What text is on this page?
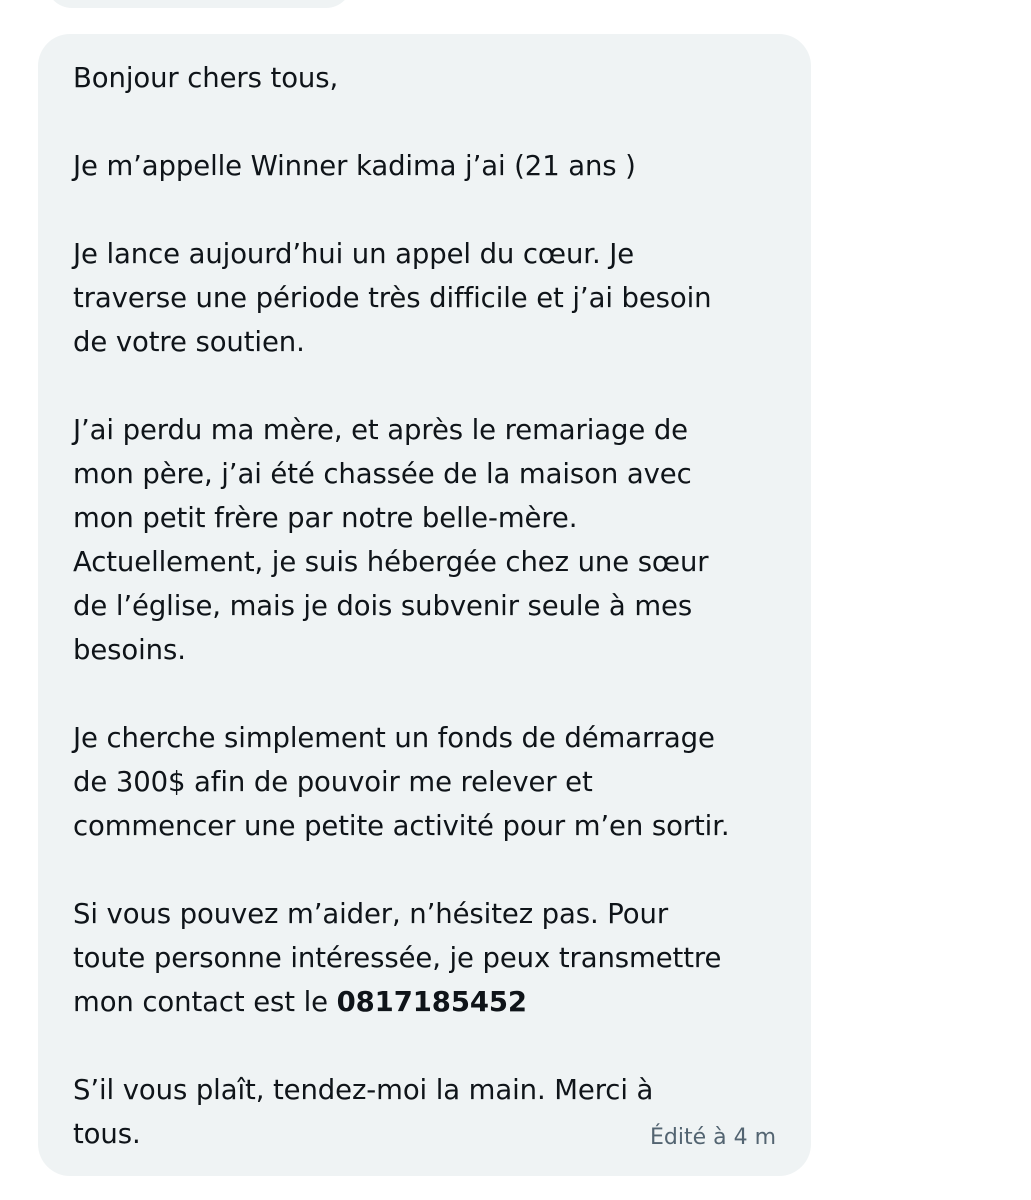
Bonjour chers tous,

Je m’appelle Winner kadima j’ai (21 ans )

Je lance aujourd’hui un appel du cœur. Je
traverse une période très difficile et j’ai besoin
de votre soutien.

J’ai perdu ma mère, et après le remariage de
mon père, j’ai été chassée de la maison avec
mon petit frère par notre belle-mère.
Actuellement, je suis hébergée chez une sœur
de l’église, mais je dois subvenir seule à mes
besoins.

Je cherche simplement un fonds de démarrage
de 300$ afin de pouvoir me relever et
commencer une petite activité pour m’en sortir.

Si vous pouvez m’aider, n’hésitez pas. Pour
toute personne intéressée, je peux transmettre
mon contact est le 0817185452

S’il vous plaît, tendez-moi la main. Merci à
tous.	Édité à 4 m
